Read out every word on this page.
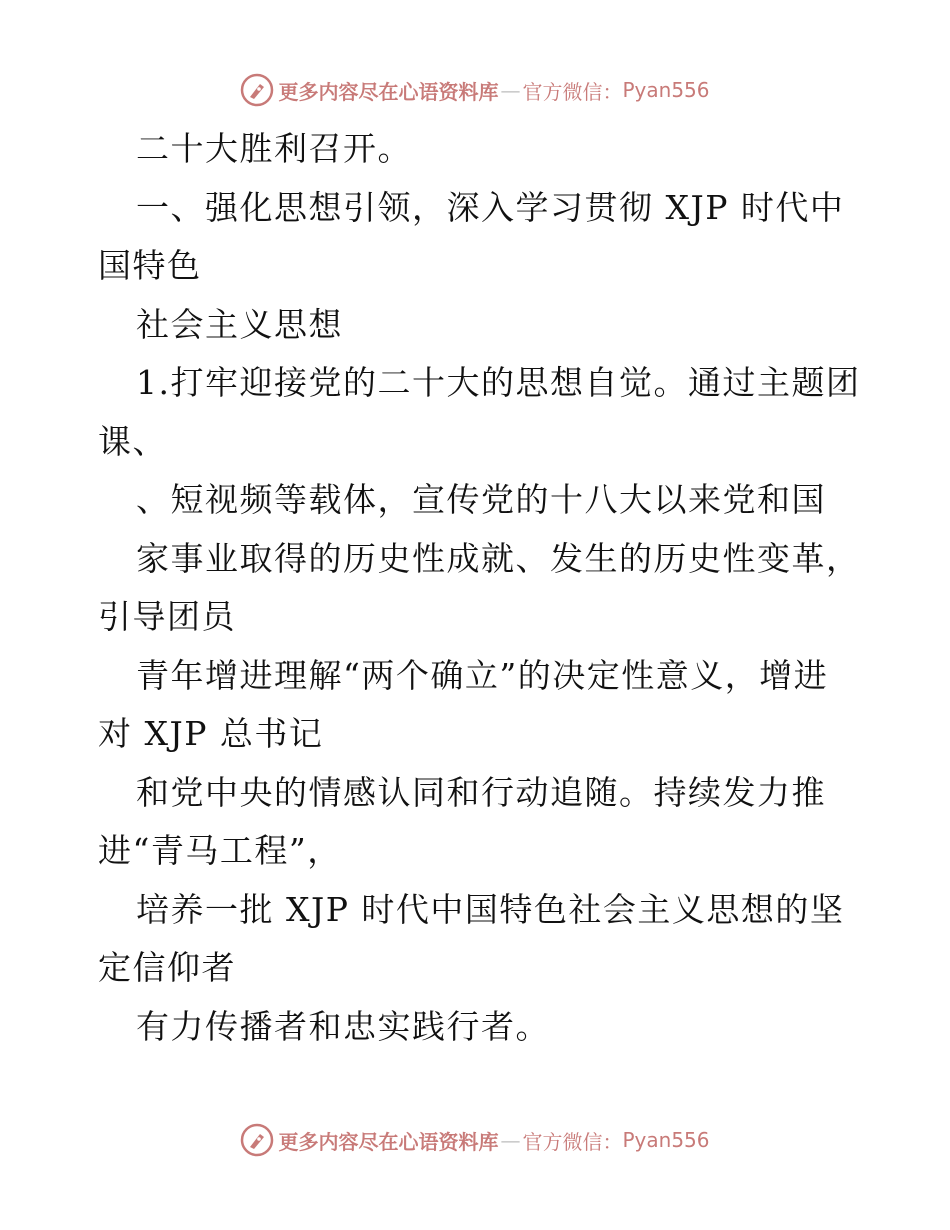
更多内容尽在心语资料库 — 官方微信： Pyan556
二十大胜利召开。
一、强化思想引领，深入学习贯彻 XJP 时代中
国特色
社会主义思想
1.打牢迎接党的二十大的思想自觉。通过主题团
课、
、短视频等载体，宣传党的十八大以来党和国
家事业取得的历史性成就、发生的历史性变革，
引导团员
青年增进理解“两个确立”的决定性意义，增进
对 XJP 总书记
和党中央的情感认同和行动追随。持续发力推
进“青马工程”，
培养一批 XJP 时代中国特色社会主义思想的坚
定信仰者
有力传播者和忠实践行者。
更多内容尽在心语资料库 — 官方微信： Pyan556
